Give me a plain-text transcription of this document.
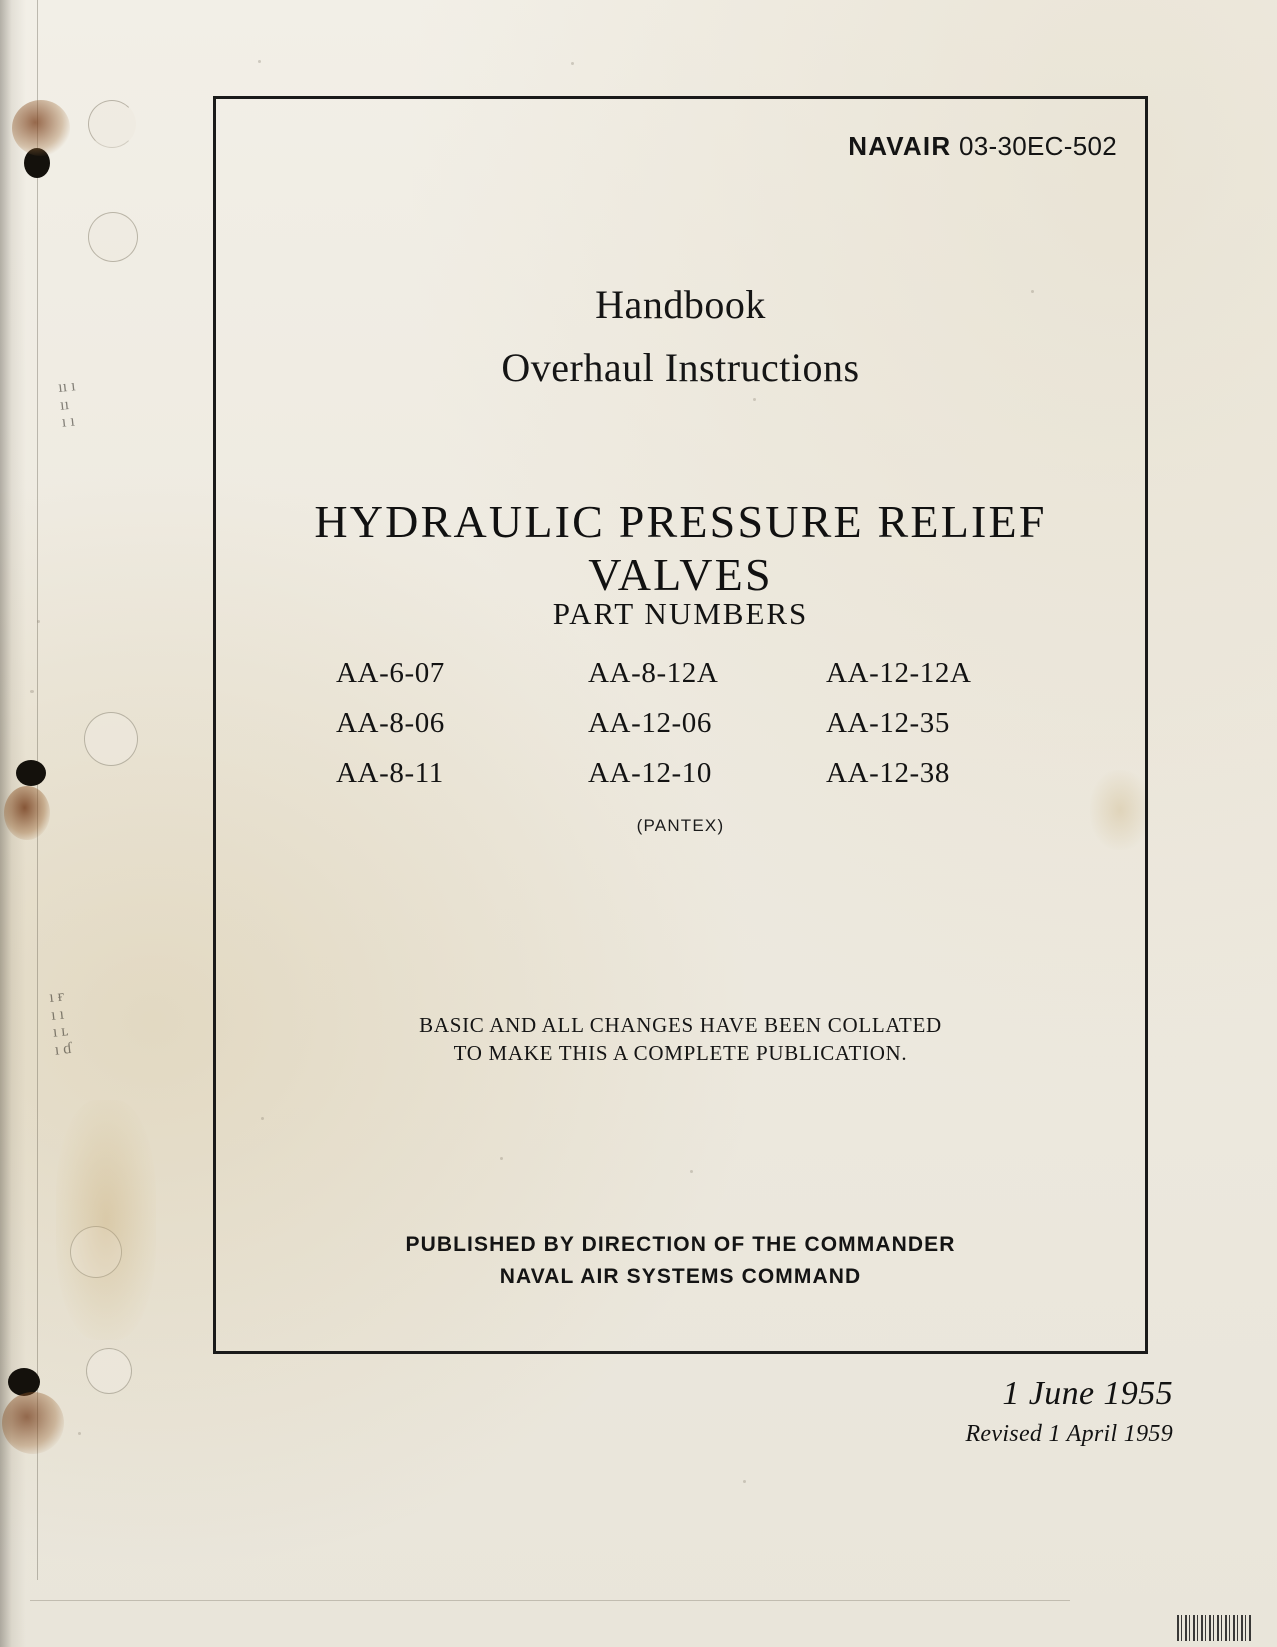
ıı ı
ıı
ı ı
ı ғ
ı ı
ı ʟ
ı ɗ
NAVAIR 03-30EC-502
Handbook
Overhaul Instructions
HYDRAULIC PRESSURE RELIEF VALVES
PART NUMBERS
AA-6-07	AA-8-12A	AA-12-12A
AA-8-06	AA-12-06	AA-12-35
AA-8-11	AA-12-10	AA-12-38
(PANTEX)
BASIC AND ALL CHANGES HAVE BEEN COLLATED
TO MAKE THIS A COMPLETE PUBLICATION.
PUBLISHED BY DIRECTION OF THE COMMANDER
NAVAL AIR SYSTEMS COMMAND
1 June 1955
Revised 1 April 1959
